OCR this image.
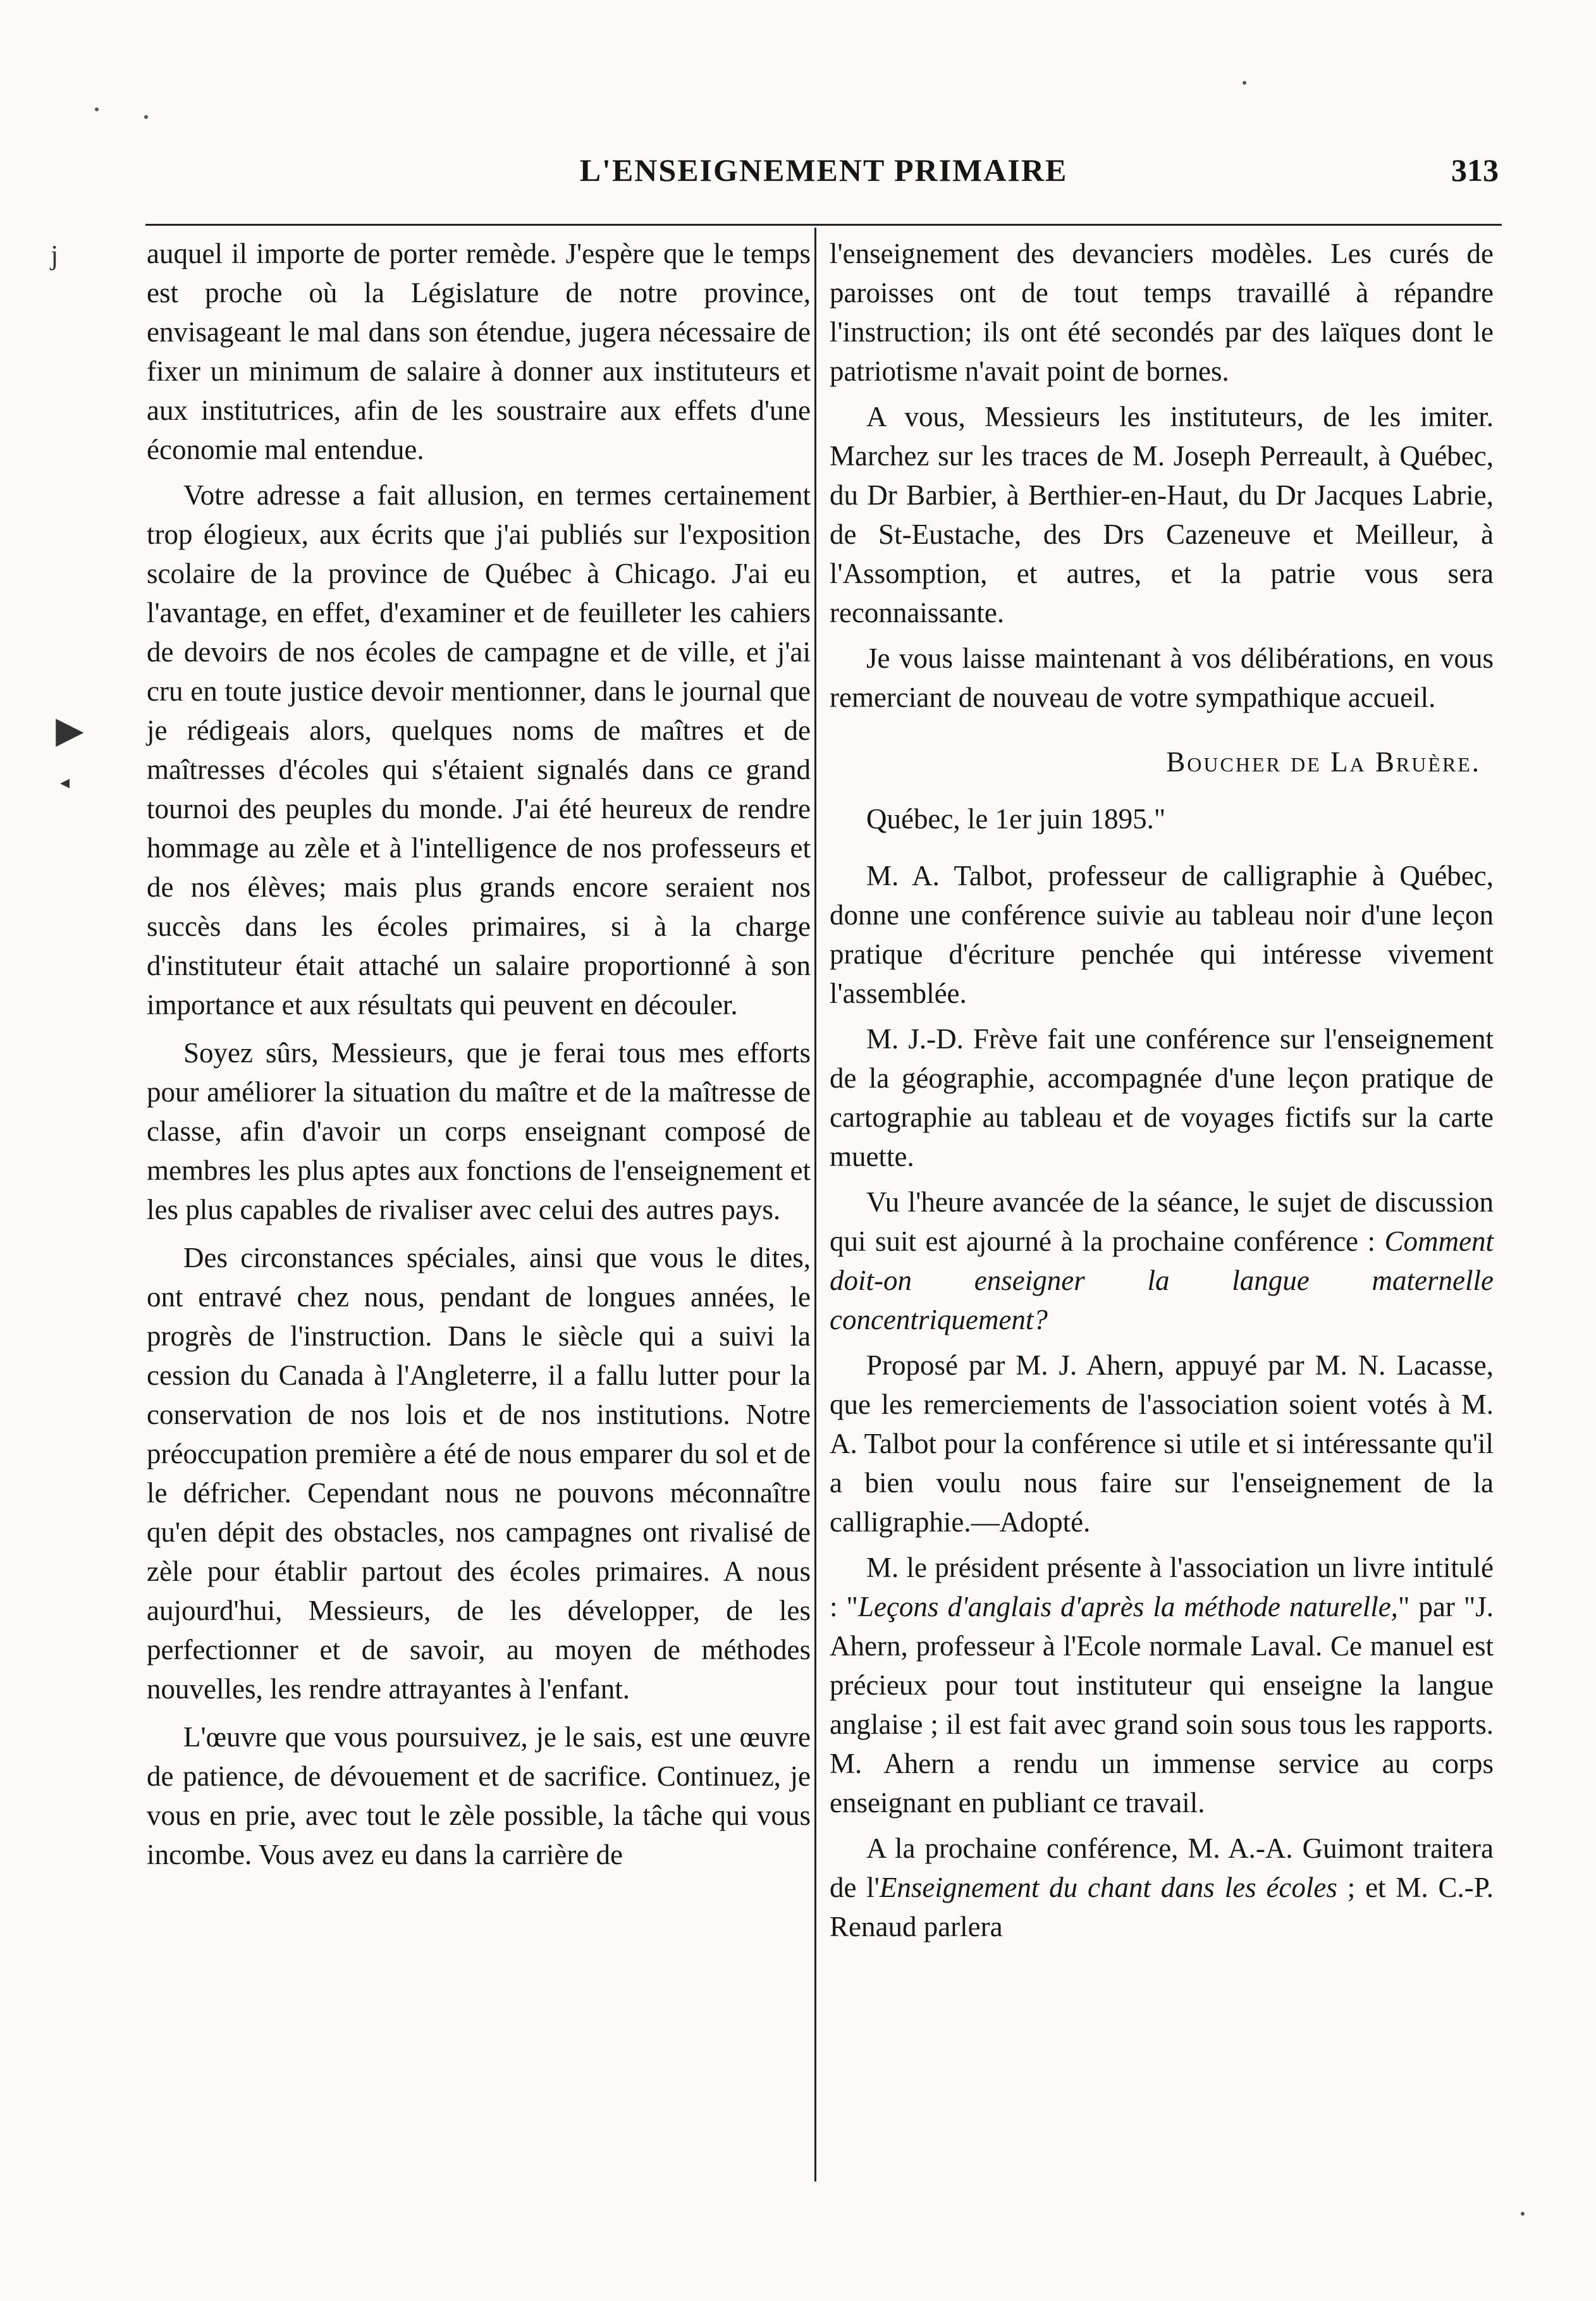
L'ENSEIGNEMENT PRIMAIRE	313
j
▶
◂

auquel il importe de porter remède. J'espère que le temps est proche où la Législature de notre province, envisageant le mal dans son étendue, jugera nécessaire de fixer un minimum de salaire à donner aux instituteurs et aux institutrices, afin de les soustraire aux effets d'une économie mal entendue.

Votre adresse a fait allusion, en termes certainement trop élogieux, aux écrits que j'ai publiés sur l'exposition scolaire de la province de Québec à Chicago. J'ai eu l'avantage, en effet, d'examiner et de feuilleter les cahiers de devoirs de nos écoles de campagne et de ville, et j'ai cru en toute justice devoir mentionner, dans le journal que je rédigeais alors, quelques noms de maîtres et de maîtresses d'écoles qui s'étaient signalés dans ce grand tournoi des peuples du monde. J'ai été heureux de rendre hommage au zèle et à l'intelligence de nos professeurs et de nos élèves; mais plus grands encore seraient nos succès dans les écoles primaires, si à la charge d'instituteur était attaché un salaire proportionné à son importance et aux résultats qui peuvent en découler.

Soyez sûrs, Messieurs, que je ferai tous mes efforts pour améliorer la situation du maître et de la maîtresse de classe, afin d'avoir un corps enseignant composé de membres les plus aptes aux fonctions de l'enseignement et les plus capables de rivaliser avec celui des autres pays.

Des circonstances spéciales, ainsi que vous le dites, ont entravé chez nous, pendant de longues années, le progrès de l'instruction. Dans le siècle qui a suivi la cession du Canada à l'Angleterre, il a fallu lutter pour la conservation de nos lois et de nos institutions. Notre préoccupation première a été de nous emparer du sol et de le défricher. Cependant nous ne pouvons méconnaître qu'en dépit des obstacles, nos campagnes ont rivalisé de zèle pour établir partout des écoles primaires. A nous aujourd'hui, Messieurs, de les développer, de les perfectionner et de savoir, au moyen de méthodes nouvelles, les rendre attrayantes à l'enfant.

L'œuvre que vous poursuivez, je le sais, est une œuvre de patience, de dévouement et de sacrifice. Continuez, je vous en prie, avec tout le zèle possible, la tâche qui vous incombe. Vous avez eu dans la carrière de

l'enseignement des devanciers modèles. Les curés de paroisses ont de tout temps travaillé à répandre l'instruction; ils ont été secondés par des laïques dont le patriotisme n'avait point de bornes.

A vous, Messieurs les instituteurs, de les imiter. Marchez sur les traces de M. Joseph Perreault, à Québec, du Dr Barbier, à Berthier-en-Haut, du Dr Jacques Labrie, de St-Eustache, des Drs Cazeneuve et Meilleur, à l'Assomption, et autres, et la patrie vous sera reconnaissante.

Je vous laisse maintenant à vos délibérations, en vous remerciant de nouveau de votre sympathique accueil.

Boucher de La Bruère.

Québec, le 1er juin 1895."

M. A. Talbot, professeur de calligraphie à Québec, donne une conférence suivie au tableau noir d'une leçon pratique d'écriture penchée qui intéresse vivement l'assemblée.

M. J.-D. Frève fait une conférence sur l'enseignement de la géographie, accompagnée d'une leçon pratique de cartographie au tableau et de voyages fictifs sur la carte muette.

Vu l'heure avancée de la séance, le sujet de discussion qui suit est ajourné à la prochaine conférence : Comment doit-on enseigner la langue maternelle concentriquement?

Proposé par M. J. Ahern, appuyé par M. N. Lacasse, que les remerciements de l'association soient votés à M. A. Talbot pour la conférence si utile et si intéressante qu'il a bien voulu nous faire sur l'enseignement de la calligraphie.—Adopté.

M. le président présente à l'association un livre intitulé : "Leçons d'anglais d'après la méthode naturelle," par "J. Ahern, professeur à l'Ecole normale Laval. Ce manuel est précieux pour tout instituteur qui enseigne la langue anglaise ; il est fait avec grand soin sous tous les rapports. M. Ahern a rendu un immense service au corps enseignant en publiant ce travail.

A la prochaine conférence, M. A.-A. Guimont traitera de l'Enseignement du chant dans les écoles ; et M. C.-P. Renaud parlera
